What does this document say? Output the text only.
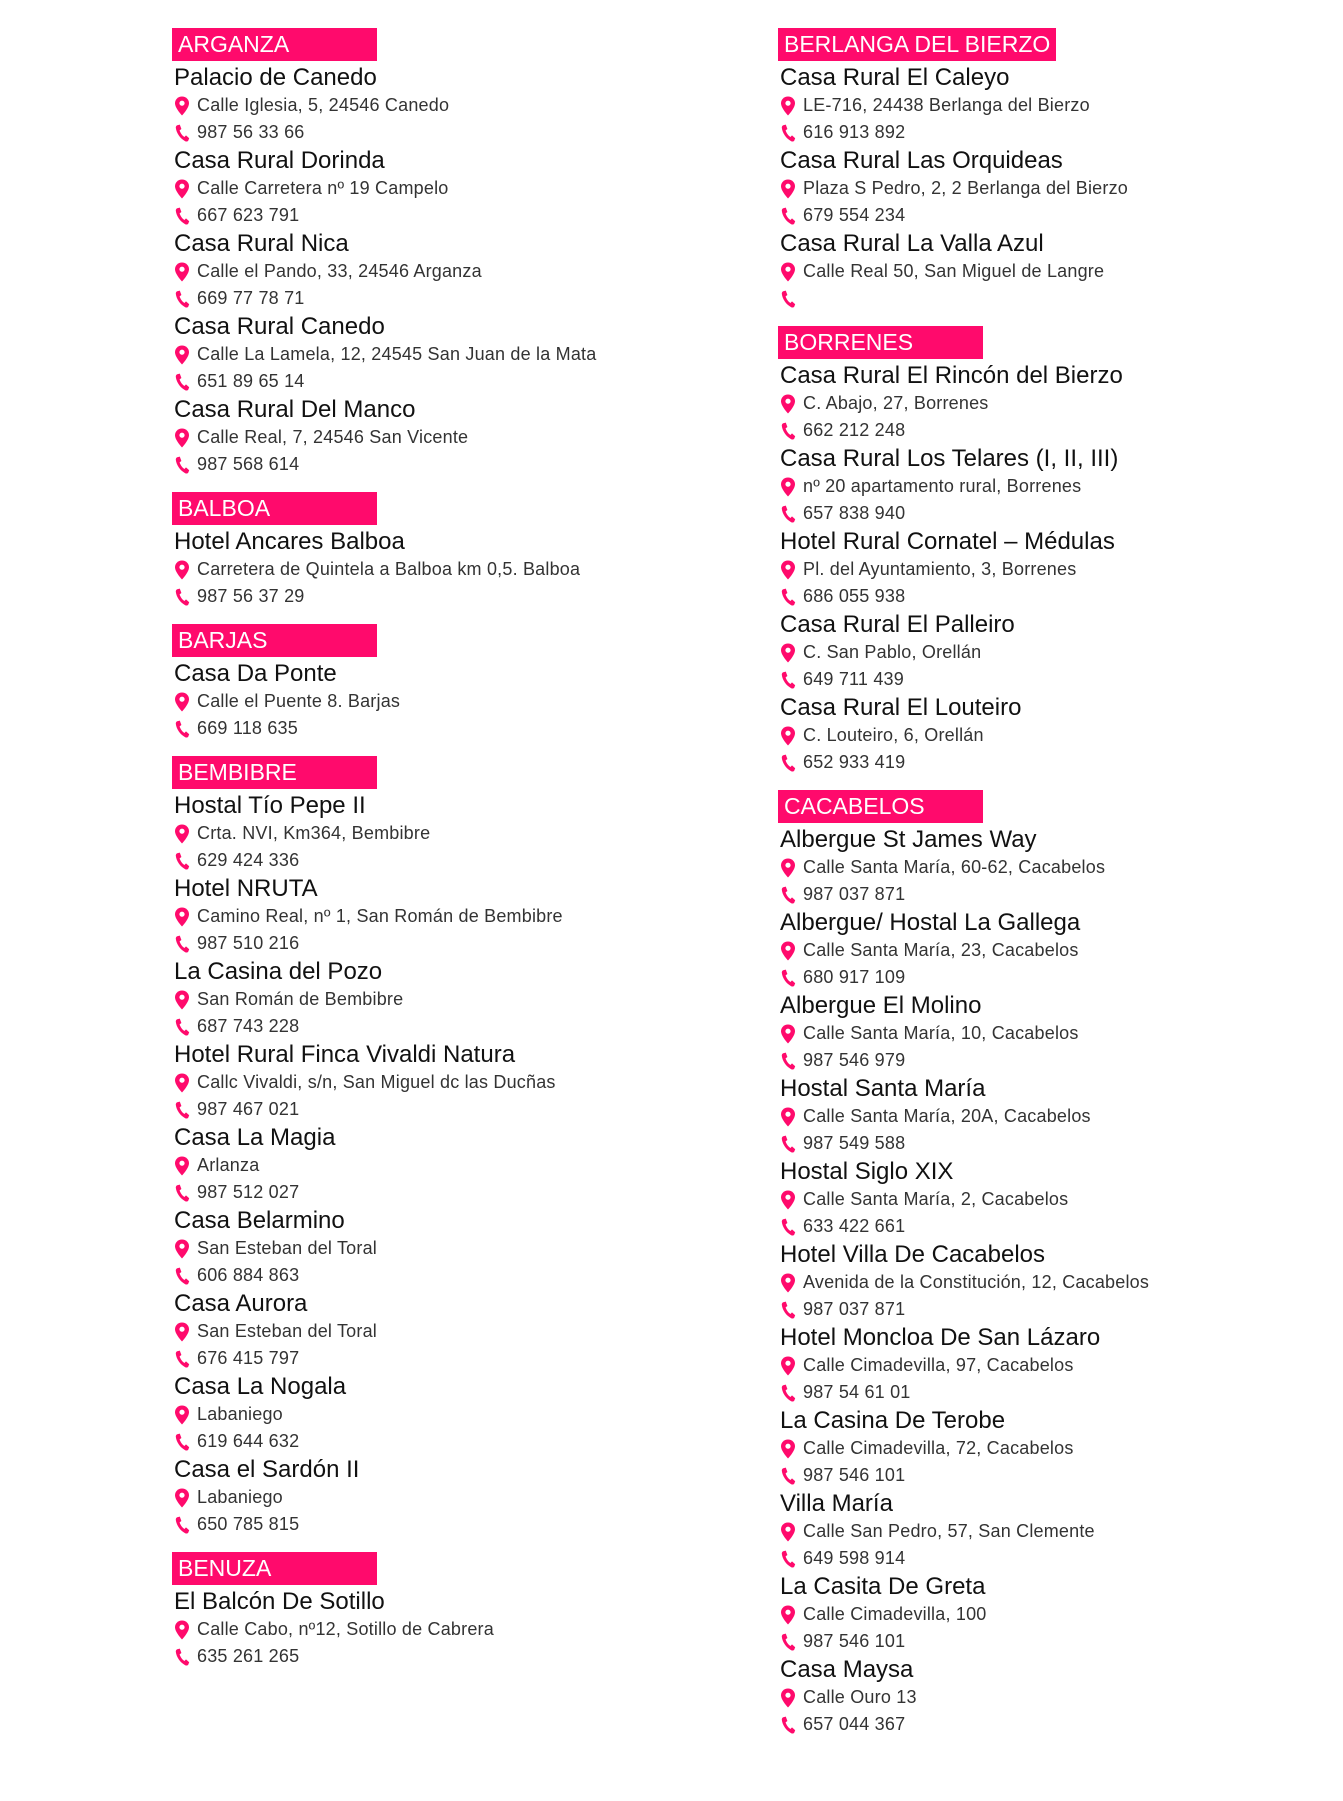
ARGANZA
Palacio de Canedo
Calle Iglesia, 5, 24546 Canedo
987 56 33 66
Casa Rural Dorinda
Calle Carretera nº 19 Campelo
667 623 791
Casa Rural Nica
Calle el Pando, 33, 24546 Arganza
669 77 78 71
Casa Rural Canedo
Calle La Lamela, 12, 24545 San Juan de la Mata
651 89 65 14
Casa Rural Del Manco
Calle Real, 7, 24546 San Vicente
987 568 614
BALBOA
Hotel Ancares Balboa
Carretera de Quintela a Balboa km 0,5. Balboa
987 56 37 29
BARJAS
Casa Da Ponte
Calle el Puente 8. Barjas
669 118 635
BEMBIBRE
Hostal Tío Pepe II
Crta. NVI, Km364, Bembibre
629 424 336
Hotel NRUTA
Camino Real, nº 1, San Román de Bembibre
987 510 216
La Casina del Pozo
San Román de Bembibre
687 743 228
Hotel Rural Finca Vivaldi Natura
Callc Vivaldi, s/n, San Miguel dc las Ducñas
987 467 021
Casa La Magia
Arlanza
987 512 027
Casa Belarmino
San Esteban del Toral
606 884 863
Casa Aurora
San Esteban del Toral
676 415 797
Casa La Nogala
Labaniego
619 644 632
Casa el Sardón II
Labaniego
650 785 815
BENUZA
El Balcón De Sotillo
Calle Cabo, nº12, Sotillo de Cabrera
635 261 265
BERLANGA DEL BIERZO
Casa Rural El Caleyo
LE-716, 24438 Berlanga del Bierzo
616 913 892
Casa Rural Las Orquideas
Plaza S Pedro, 2, 2 Berlanga del Bierzo
679 554 234
Casa Rural La Valla Azul
Calle Real 50, San Miguel de Langre
BORRENES
Casa Rural El Rincón del Bierzo
C. Abajo, 27, Borrenes
662 212 248
Casa Rural Los Telares (I, II, III)
nº 20 apartamento rural, Borrenes
657 838 940
Hotel Rural Cornatel – Médulas
Pl. del Ayuntamiento, 3, Borrenes
686 055 938
Casa Rural El Palleiro
C. San Pablo, Orellán
649 711 439
Casa Rural El Louteiro
C. Louteiro, 6, Orellán
652 933 419
CACABELOS
Albergue St James Way
Calle Santa María, 60-62, Cacabelos
987 037 871
Albergue/ Hostal La Gallega
Calle Santa María, 23, Cacabelos
680 917 109
Albergue El Molino
Calle Santa María, 10, Cacabelos
987 546 979
Hostal Santa María
Calle Santa María, 20A, Cacabelos
987 549 588
Hostal Siglo XIX
Calle Santa María, 2, Cacabelos
633 422 661
Hotel Villa De Cacabelos
Avenida de la Constitución, 12, Cacabelos
987 037 871
Hotel Moncloa De San Lázaro
Calle Cimadevilla, 97, Cacabelos
987 54 61 01
La Casina De Terobe
Calle Cimadevilla, 72, Cacabelos
987 546 101
Villa María
Calle San Pedro, 57, San Clemente
649 598 914
La Casita De Greta
Calle Cimadevilla, 100
987 546 101
Casa Maysa
Calle Ouro 13
657 044 367
